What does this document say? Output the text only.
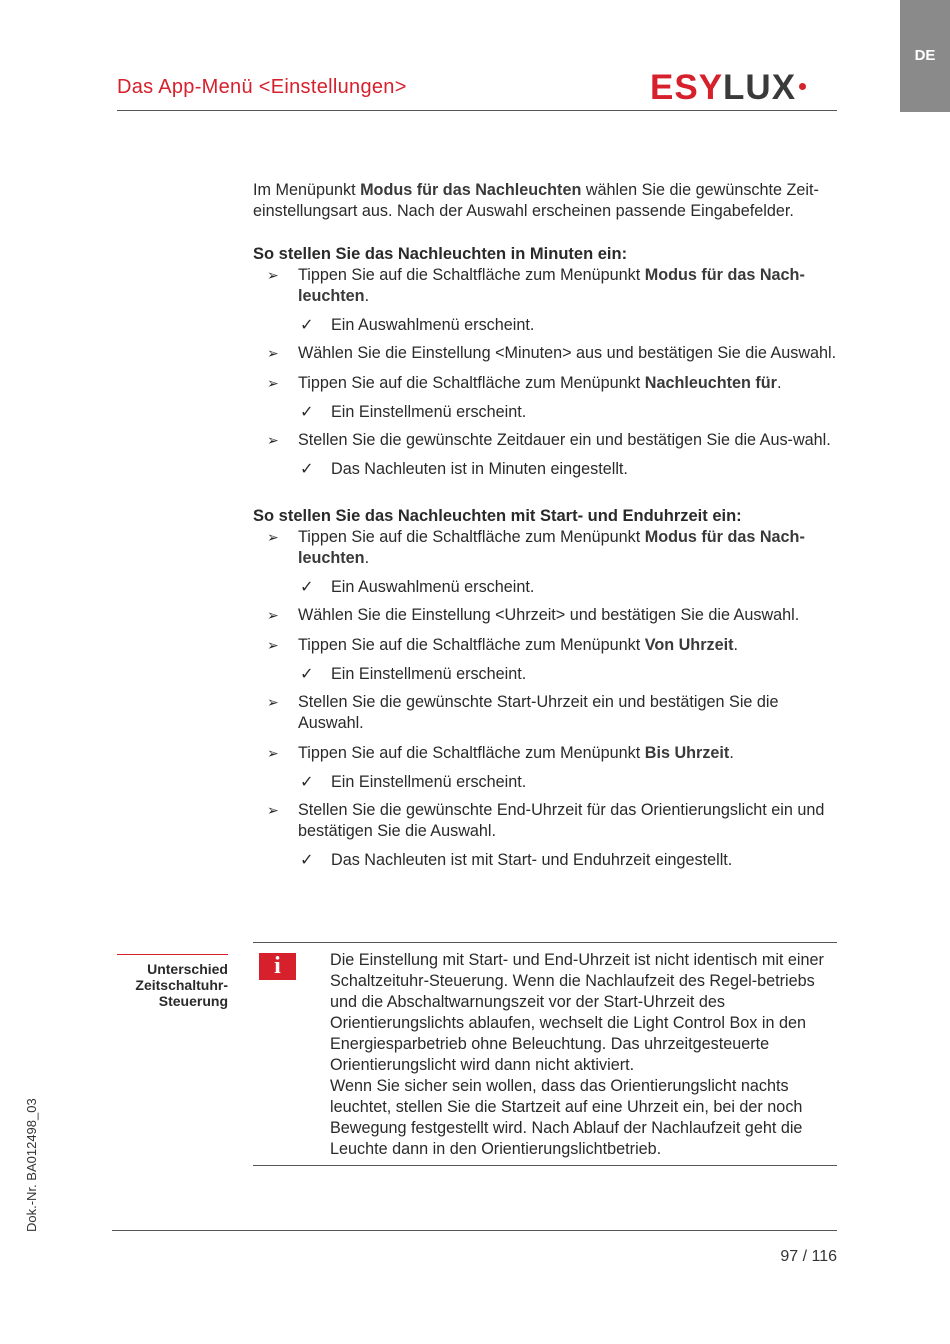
DE
Das App-Menü <Einstellungen>	ESYLUX

Im Menüpunkt Modus für das Nachleuchten wählen Sie die gewünschte Zeit-einstellungsart aus. Nach der Auswahl erscheinen passende Eingabefelder.

So stellen Sie das Nachleuchten in Minuten ein:

➢	Tippen Sie auf die Schaltfläche zum Menüpunkt Modus für das Nach-leuchten.
✓	Ein Auswahlmenü erscheint.
➢	Wählen Sie die Einstellung <Minuten> aus und bestätigen Sie die Auswahl.
➢	Tippen Sie auf die Schaltfläche zum Menüpunkt Nachleuchten für.
✓	Ein Einstellmenü erscheint.
➢	Stellen Sie die gewünschte Zeitdauer ein und bestätigen Sie die Aus-wahl.
✓	Das Nachleuten ist in Minuten eingestellt.

So stellen Sie das Nachleuchten mit Start- und Enduhrzeit ein:

➢	Tippen Sie auf die Schaltfläche zum Menüpunkt Modus für das Nach-leuchten.
✓	Ein Auswahlmenü erscheint.
➢	Wählen Sie die Einstellung <Uhrzeit> und bestätigen Sie die Auswahl.
➢	Tippen Sie auf die Schaltfläche zum Menüpunkt Von Uhrzeit.
✓	Ein Einstellmenü erscheint.
➢	Stellen Sie die gewünschte Start-Uhrzeit ein und bestätigen Sie die Auswahl.
➢	Tippen Sie auf die Schaltfläche zum Menüpunkt Bis Uhrzeit.
✓	Ein Einstellmenü erscheint.
➢	Stellen Sie die gewünschte End-Uhrzeit für das Orientierungslicht ein und bestätigen Sie die Auswahl.
✓	Das Nachleuten ist mit Start- und Enduhrzeit eingestellt.
Unterschied Zeitschaltuhr-Steuerung
i	Die Einstellung mit Start- und End-Uhrzeit ist nicht identisch mit einer Schaltzeituhr-Steuerung. Wenn die Nachlaufzeit des Regel-betriebs und die Abschaltwarnungszeit vor der Start-Uhrzeit des Orientierungslichts ablaufen, wechselt die Light Control Box in den Energiesparbetrieb ohne Beleuchtung. Das uhrzeitgesteuerte Orientierungslicht wird dann nicht aktiviert.

Wenn Sie sicher sein wollen, dass das Orientierungslicht nachts leuchtet, stellen Sie die Startzeit auf eine Uhrzeit ein, bei der noch Bewegung festgestellt wird. Nach Ablauf der Nachlaufzeit geht die Leuchte dann in den Orientierungslichtbetrieb.

Dok.-Nr. BA012498_03
97 / 116
